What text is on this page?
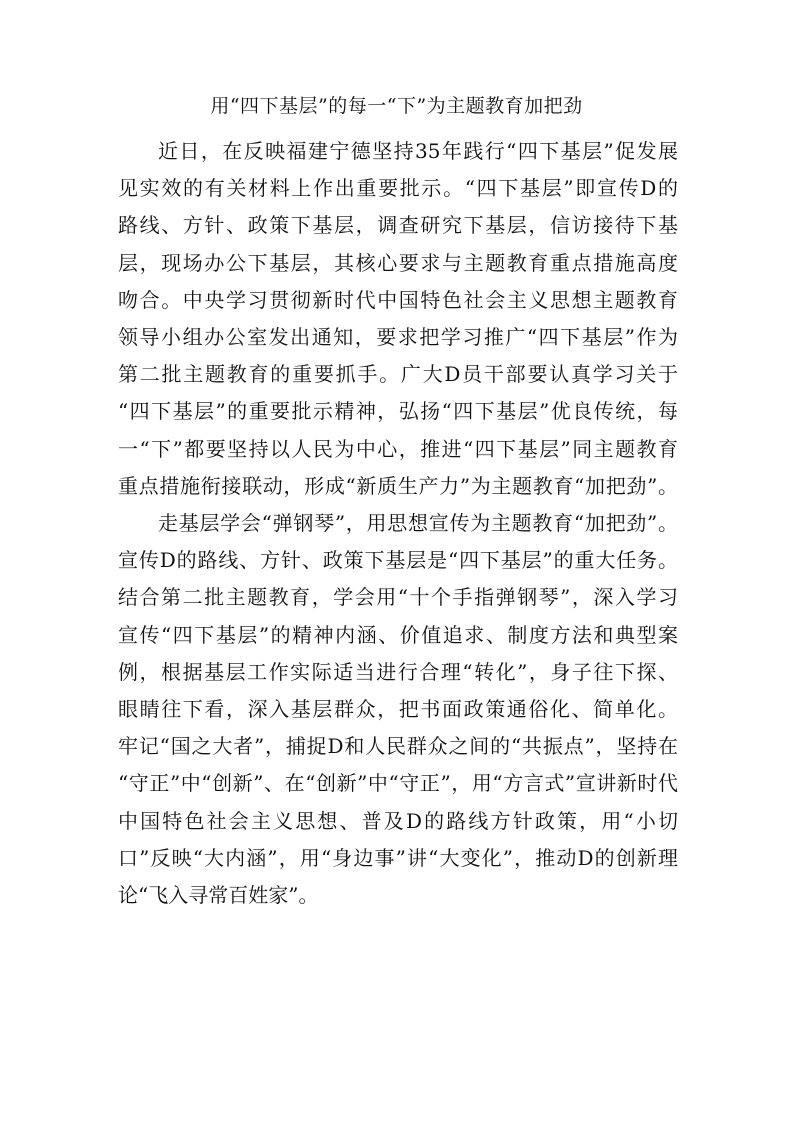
用“四下基层”的每一“下”为主题教育加把劲

近日，在反映福建宁德坚持35年践行“四下基层”促发展
见实效的有关材料上作出重要批示。“四下基层”即宣传D的
路线、方针、政策下基层，调查研究下基层，信访接待下基
层，现场办公下基层，其核心要求与主题教育重点措施高度
吻合。中央学习贯彻新时代中国特色社会主义思想主题教育
领导小组办公室发出通知，要求把学习推广“四下基层”作为
第二批主题教育的重要抓手。广大D员干部要认真学习关于
“四下基层”的重要批示精神，弘扬“四下基层”优良传统，每
一“下”都要坚持以人民为中心，推进“四下基层”同主题教育
重点措施衔接联动，形成“新质生产力”为主题教育“加把劲”。

走基层学会“弹钢琴”，用思想宣传为主题教育“加把劲”。
宣传D的路线、方针、政策下基层是“四下基层”的重大任务。
结合第二批主题教育，学会用“十个手指弹钢琴”，深入学习
宣传“四下基层”的精神内涵、价值追求、制度方法和典型案
例，根据基层工作实际适当进行合理“转化”，身子往下探、
眼睛往下看，深入基层群众，把书面政策通俗化、简单化。
牢记“国之大者”，捕捉D和人民群众之间的“共振点”，坚持在
“守正”中“创新”、在“创新”中“守正”，用“方言式”宣讲新时代
中国特色社会主义思想、普及D的路线方针政策，用“小切
口”反映“大内涵”，用“身边事”讲“大变化”，推动D的创新理
论“飞入寻常百姓家”。
